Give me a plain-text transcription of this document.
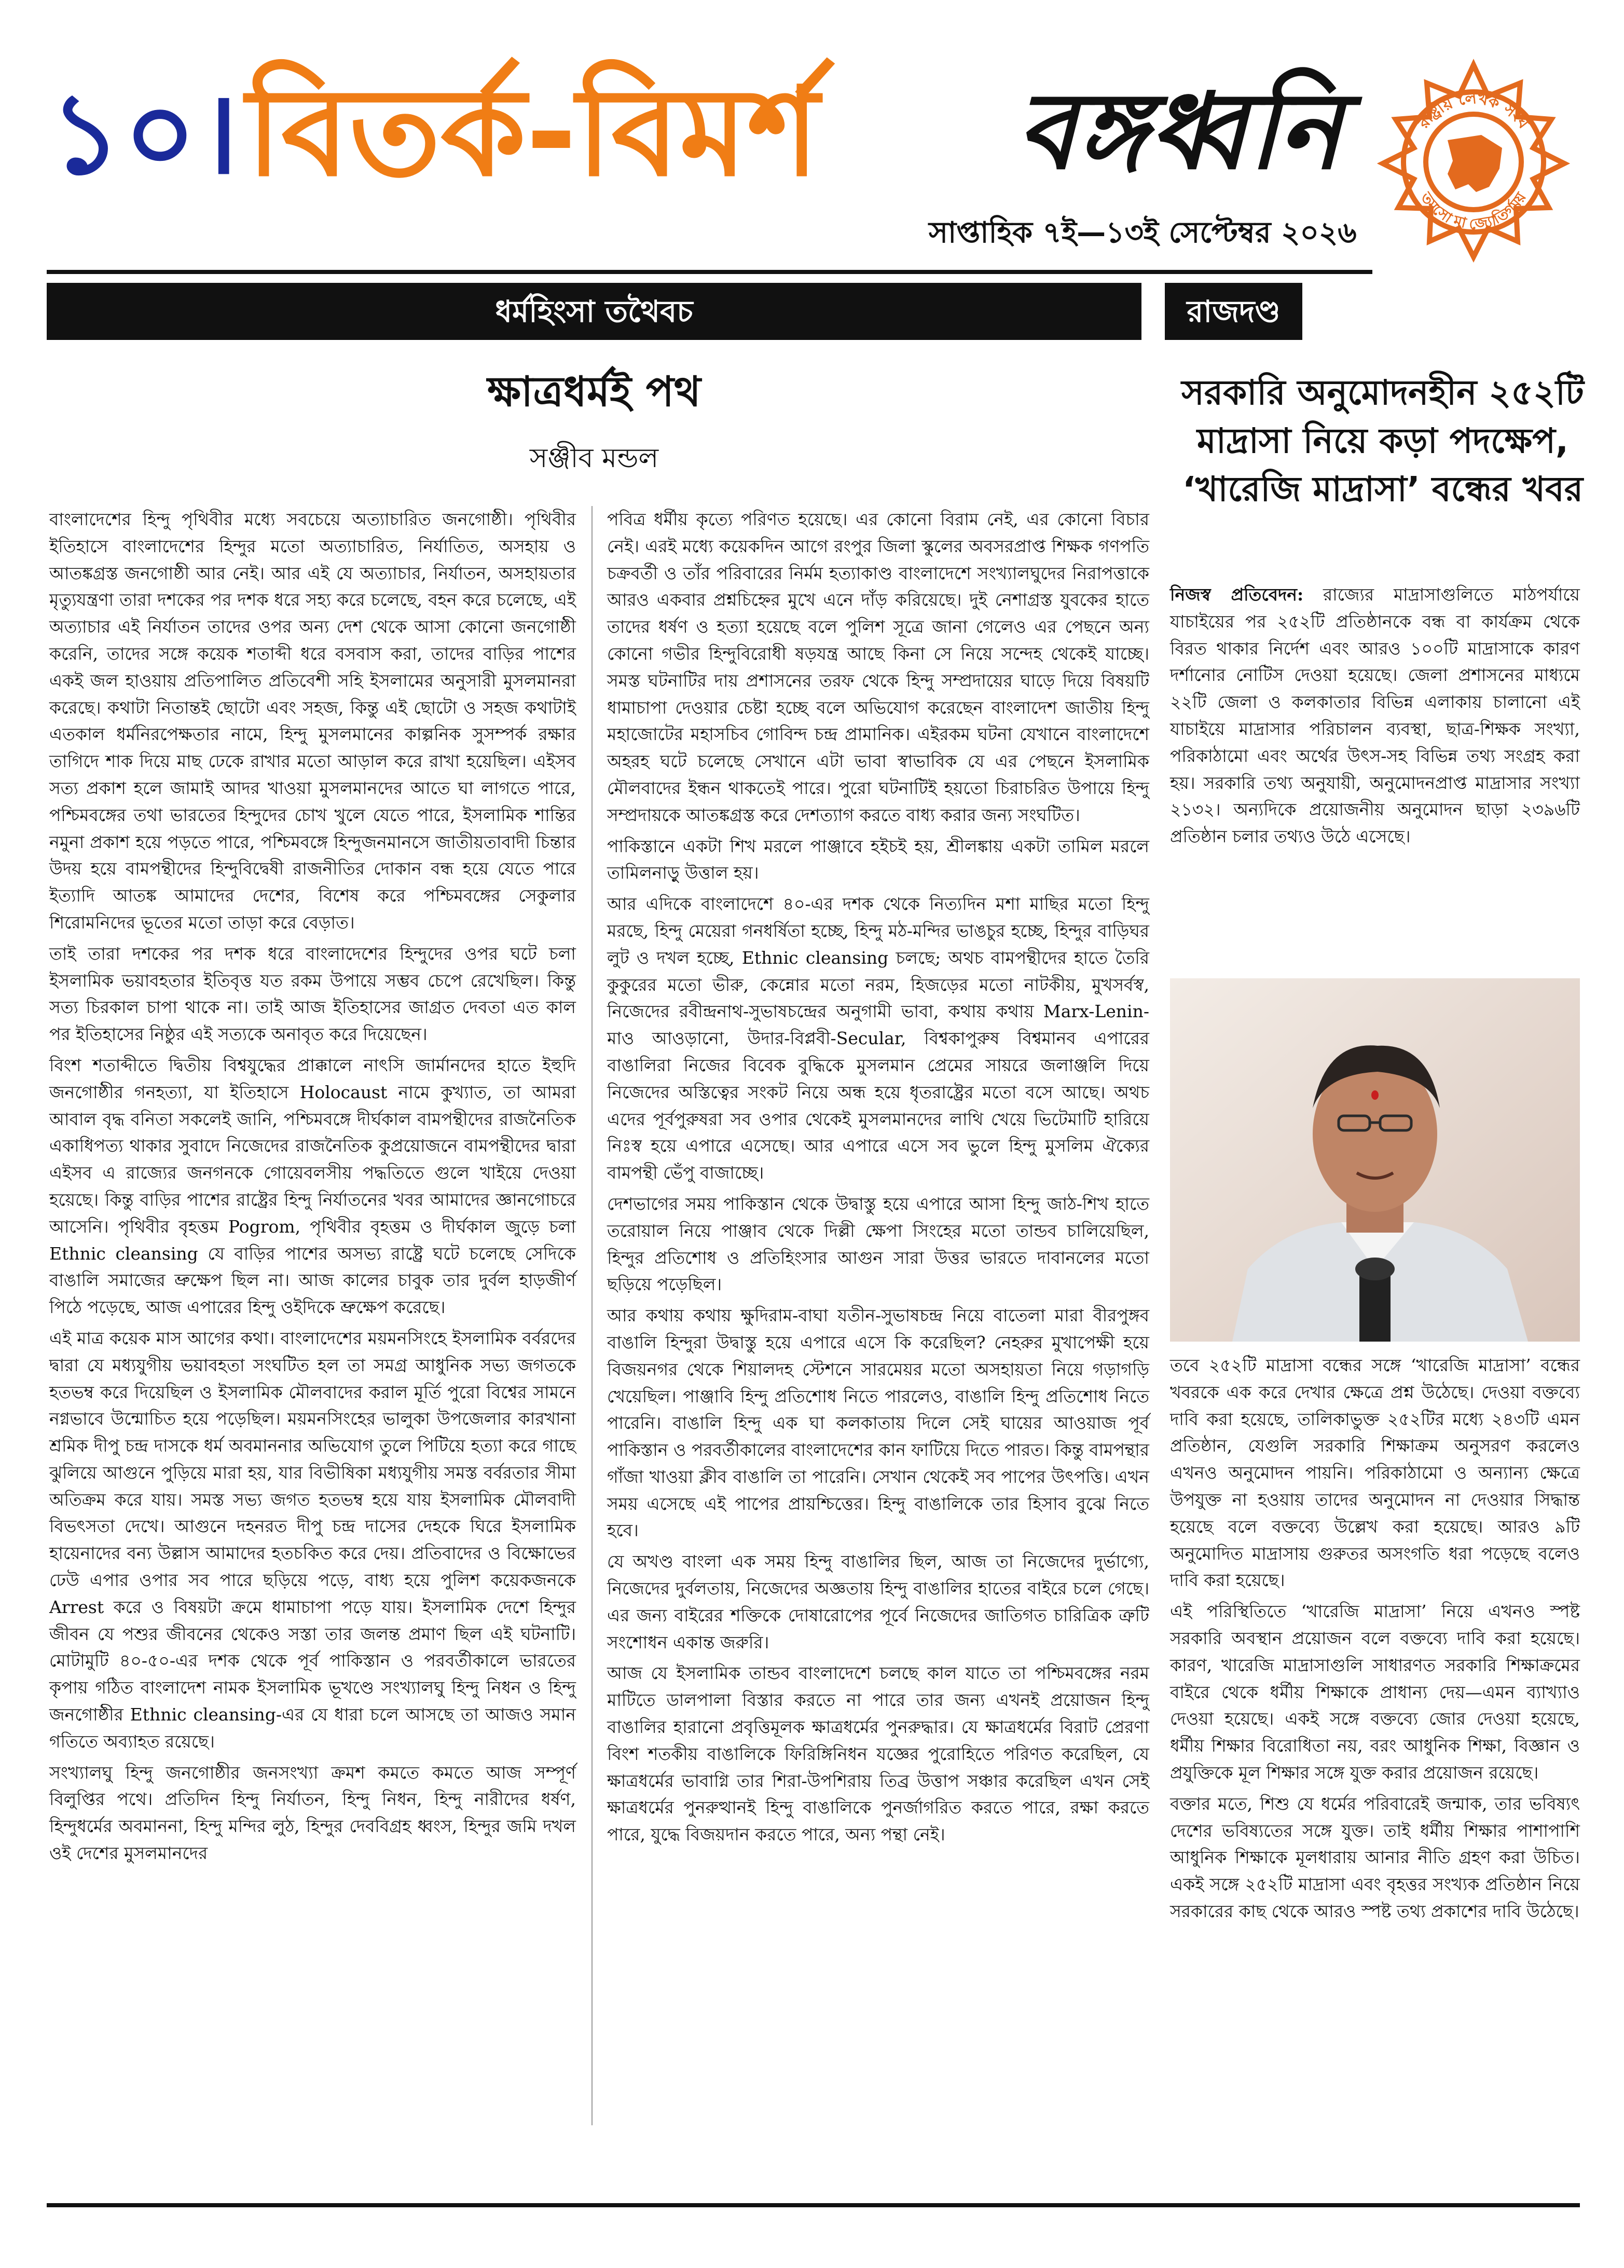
১০। বিতর্ক-বিমর্শ বঙ্গধ্বনি
সাপ্তাহিক ৭ই—১৩ই সেপ্টেম্বর ২০২৬
রাষ্ট্রীয় লেখক সংঘ
তমসো মা জ্যোতির্গময়
ধর্মহিংসা তথৈবচ	রাজদণ্ড
ক্ষাত্রধর্মই পথ
সঞ্জীব মন্ডল

বাংলাদেশের হিন্দু পৃথিবীর মধ্যে সবচেয়ে অত্যাচারিত জনগোষ্ঠী। পৃথিবীর ইতিহাসে বাংলাদেশের হিন্দুর মতো অত্যাচারিত, নির্যাতিত, অসহায় ও আতঙ্কগ্রস্ত জনগোষ্ঠী আর নেই। আর এই যে অত্যাচার, নির্যাতন, অসহায়তার মৃত্যুযন্ত্রণা তারা দশকের পর দশক ধরে সহ্য করে চলেছে, বহন করে চলেছে, এই অত্যাচার এই নির্যাতন তাদের ওপর অন্য দেশ থেকে আসা কোনো জনগোষ্ঠী করেনি, তাদের সঙ্গে কয়েক শতাব্দী ধরে বসবাস করা, তাদের বাড়ির পাশের একই জল হাওয়ায় প্রতিপালিত প্রতিবেশী সহি ইসলামের অনুসারী মুসলমানরা করেছে। কথাটা নিতান্তই ছোটো এবং সহজ, কিন্তু এই ছোটো ও সহজ কথাটাই এতকাল ধর্মনিরপেক্ষতার নামে, হিন্দু মুসলমানের কাল্পনিক সুসম্পর্ক রক্ষার তাগিদে শাক দিয়ে মাছ ঢেকে রাখার মতো আড়াল করে রাখা হয়েছিল। এইসব সত্য প্রকাশ হলে জামাই আদর খাওয়া মুসলমানদের আতে ঘা লাগতে পারে, পশ্চিমবঙ্গের তথা ভারতের হিন্দুদের চোখ খুলে যেতে পারে, ইসলামিক শান্তির নমুনা প্রকাশ হয়ে পড়তে পারে, পশ্চিমবঙ্গে হিন্দুজনমানসে জাতীয়তাবাদী চিন্তার উদয় হয়ে বামপন্থীদের হিন্দুবিদ্বেষী রাজনীতির দোকান বন্ধ হয়ে যেতে পারে ইত্যাদি আতঙ্ক আমাদের দেশের, বিশেষ করে পশ্চিমবঙ্গের সেকুলার শিরোমনিদের ভূতের মতো তাড়া করে বেড়াত।

তাই তারা দশকের পর দশক ধরে বাংলাদেশের হিন্দুদের ওপর ঘটে চলা ইসলামিক ভয়াবহতার ইতিবৃত্ত যত রকম উপায়ে সম্ভব চেপে রেখেছিল। কিন্তু সত্য চিরকাল চাপা থাকে না। তাই আজ ইতিহাসের জাগ্রত দেবতা এত কাল পর ইতিহাসের নিষ্ঠুর এই সত্যকে অনাবৃত করে দিয়েছেন।

বিংশ শতাব্দীতে দ্বিতীয় বিশ্বযুদ্ধের প্রাক্কালে নাৎসি জার্মানদের হাতে ইহুদি জনগোষ্ঠীর গনহত্যা, যা ইতিহাসে Holocaust নামে কুখ্যাত, তা আমরা আবাল বৃদ্ধ বনিতা সকলেই জানি, পশ্চিমবঙ্গে দীর্ঘকাল বামপন্থীদের রাজনৈতিক একাধিপত্য থাকার সুবাদে নিজেদের রাজনৈতিক কুপ্রয়োজনে বামপন্থীদের দ্বারা এইসব এ রাজ্যের জনগনকে গোয়েবলসীয় পদ্ধতিতে গুলে খাইয়ে দেওয়া হয়েছে। কিন্তু বাড়ির পাশের রাষ্ট্রের হিন্দু নির্যাতনের খবর আমাদের জ্ঞানগোচরে আসেনি। পৃথিবীর বৃহত্তম Pogrom, পৃথিবীর বৃহত্তম ও দীর্ঘকাল জুড়ে চলা Ethnic cleansing যে বাড়ির পাশের অসভ্য রাষ্ট্রে ঘটে চলেছে সেদিকে বাঙালি সমাজের ভ্রুক্ষেপ ছিল না। আজ কালের চাবুক তার দুর্বল হাড়জীর্ণ পিঠে পড়েছে, আজ এপারের হিন্দু ওইদিকে ভ্রুক্ষেপ করেছে।

এই মাত্র কয়েক মাস আগের কথা। বাংলাদেশের ময়মনসিংহে ইসলামিক বর্বরদের দ্বারা যে মধ্যযুগীয় ভয়াবহতা সংঘটিত হল তা সমগ্র আধুনিক সভ্য জগতকে হতভম্ব করে দিয়েছিল ও ইসলামিক মৌলবাদের করাল মূর্তি পুরো বিশ্বের সামনে নগ্নভাবে উন্মোচিত হয়ে পড়েছিল। ময়মনসিংহের ভালুকা উপজেলার কারখানা শ্রমিক দীপু চন্দ্র দাসকে ধর্ম অবমাননার অভিযোগ তুলে পিটিয়ে হত্যা করে গাছে ঝুলিয়ে আগুনে পুড়িয়ে মারা হয়, যার বিভীষিকা মধ্যযুগীয় সমস্ত বর্বরতার সীমা অতিক্রম করে যায়। সমস্ত সভ্য জগত হতভম্ব হয়ে যায় ইসলামিক মৌলবাদী বিভৎসতা দেখে। আগুনে দহনরত দীপু চন্দ্র দাসের দেহকে ঘিরে ইসলামিক হায়েনাদের বন্য উল্লাস আমাদের হতচকিত করে দেয়। প্রতিবাদের ও বিক্ষোভের ঢেউ এপার ওপার সব পারে ছড়িয়ে পড়ে, বাধ্য হয়ে পুলিশ কয়েকজনকে Arrest করে ও বিষয়টা ক্রমে ধামাচাপা পড়ে যায়। ইসলামিক দেশে হিন্দুর জীবন যে পশুর জীবনের থেকেও সস্তা তার জলন্ত প্রমাণ ছিল এই ঘটনাটি। মোটামুটি ৪০-৫০-এর দশক থেকে পূর্ব পাকিস্তান ও পরবর্তীকালে ভারতের কৃপায় গঠিত বাংলাদেশ নামক ইসলামিক ভূখণ্ডে সংখ্যালঘু হিন্দু নিধন ও হিন্দু জনগোষ্ঠীর Ethnic cleansing-এর যে ধারা চলে আসছে তা আজও সমান গতিতে অব্যাহত রয়েছে।

সংখ্যালঘু হিন্দু জনগোষ্ঠীর জনসংখ্যা ক্রমশ কমতে কমতে আজ সম্পূর্ণ বিলুপ্তির পথে। প্রতিদিন হিন্দু নির্যাতন, হিন্দু নিধন, হিন্দু নারীদের ধর্ষণ, হিন্দুধর্মের অবমাননা, হিন্দু মন্দির লুঠ, হিন্দুর দেববিগ্রহ ধ্বংস, হিন্দুর জমি দখল ওই দেশের মুসলমানদের

পবিত্র ধর্মীয় কৃত্যে পরিণত হয়েছে। এর কোনো বিরাম নেই, এর কোনো বিচার নেই। এরই মধ্যে কয়েকদিন আগে রংপুর জিলা স্কুলের অবসরপ্রাপ্ত শিক্ষক গণপতি চক্রবর্তী ও তাঁর পরিবারের নির্মম হত্যাকাণ্ড বাংলাদেশে সংখ্যালঘুদের নিরাপত্তাকে আরও একবার প্রশ্নচিহ্নের মুখে এনে দাঁড় করিয়েছে। দুই নেশাগ্রস্ত যুবকের হাতে তাদের ধর্ষণ ও হত্যা হয়েছে বলে পুলিশ সূত্রে জানা গেলেও এর পেছনে অন্য কোনো গভীর হিন্দুবিরোধী ষড়যন্ত্র আছে কিনা সে নিয়ে সন্দেহ থেকেই যাচ্ছে। সমস্ত ঘটনাটির দায় প্রশাসনের তরফ থেকে হিন্দু সম্প্রদায়ের ঘাড়ে দিয়ে বিষয়টি ধামাচাপা দেওয়ার চেষ্টা হচ্ছে বলে অভিযোগ করেছেন বাংলাদেশ জাতীয় হিন্দু মহাজোটের মহাসচিব গোবিন্দ চন্দ্র প্রামানিক। এইরকম ঘটনা যেখানে বাংলাদেশে অহরহ ঘটে চলেছে সেখানে এটা ভাবা স্বাভাবিক যে এর পেছনে ইসলামিক মৌলবাদের ইন্ধন থাকতেই পারে। পুরো ঘটনাটিই হয়তো চিরাচরিত উপায়ে হিন্দু সম্প্রদায়কে আতঙ্কগ্রস্ত করে দেশত্যাগ করতে বাধ্য করার জন্য সংঘটিত।

পাকিস্তানে একটা শিখ মরলে পাঞ্জাবে হইচই হয়, শ্রীলঙ্কায় একটা তামিল মরলে তামিলনাড়ু উত্তাল হয়।

আর এদিকে বাংলাদেশে ৪০-এর দশক থেকে নিত্যদিন মশা মাছির মতো হিন্দু মরছে, হিন্দু মেয়েরা গনধর্ষিতা হচ্ছে, হিন্দু মঠ-মন্দির ভাঙচুর হচ্ছে, হিন্দুর বাড়িঘর লুট ও দখল হচ্ছে, Ethnic cleansing চলছে; অথচ বামপন্থীদের হাতে তৈরি কুকুরের মতো ভীরু, কেন্নোর মতো নরম, হিজড়ের মতো নাটকীয়, মুখসর্বস্ব, নিজেদের রবীন্দ্রনাথ-সুভাষচন্দ্রের অনুগামী ভাবা, কথায় কথায় Marx-Lenin-মাও আওড়ানো, উদার-বিপ্লবী-Secular, বিশ্বকাপুরুষ বিশ্বমানব এপারের বাঙালিরা নিজের বিবেক বুদ্ধিকে মুসলমান প্রেমের সায়রে জলাঞ্জলি দিয়ে নিজেদের অস্তিত্বের সংকট নিয়ে অন্ধ হয়ে ধৃতরাষ্ট্রের মতো বসে আছে। অথচ এদের পূর্বপুরুষরা সব ওপার থেকেই মুসলমানদের লাথি খেয়ে ভিটেমাটি হারিয়ে নিঃস্ব হয়ে এপারে এসেছে। আর এপারে এসে সব ভুলে হিন্দু মুসলিম ঐক্যের বামপন্থী ভেঁপু বাজাচ্ছে।

দেশভাগের সময় পাকিস্তান থেকে উদ্বাস্তু হয়ে এপারে আসা হিন্দু জাঠ-শিখ হাতে তরোয়াল নিয়ে পাঞ্জাব থেকে দিল্লী ক্ষেপা সিংহের মতো তান্ডব চালিয়েছিল, হিন্দুর প্রতিশোধ ও প্রতিহিংসার আগুন সারা উত্তর ভারতে দাবানলের মতো ছড়িয়ে পড়েছিল।

আর কথায় কথায় ক্ষুদিরাম-বাঘা যতীন-সুভাষচন্দ্র নিয়ে বাতেলা মারা বীরপুঙ্গব বাঙালি হিন্দুরা উদ্বাস্তু হয়ে এপারে এসে কি করেছিল? নেহরুর মুখাপেক্ষী হয়ে বিজয়নগর থেকে শিয়ালদহ স্টেশনে সারমেয়র মতো অসহায়তা নিয়ে গড়াগড়ি খেয়েছিল। পাঞ্জাবি হিন্দু প্রতিশোধ নিতে পারলেও, বাঙালি হিন্দু প্রতিশোধ নিতে পারেনি। বাঙালি হিন্দু এক ঘা কলকাতায় দিলে সেই ঘায়ের আওয়াজ পূর্ব পাকিস্তান ও পরবর্তীকালের বাংলাদেশের কান ফাটিয়ে দিতে পারত। কিন্তু বামপন্থার গাঁজা খাওয়া ক্লীব বাঙালি তা পারেনি। সেখান থেকেই সব পাপের উৎপত্তি। এখন সময় এসেছে এই পাপের প্রায়শ্চিত্তের। হিন্দু বাঙালিকে তার হিসাব বুঝে নিতে হবে।

যে অখণ্ড বাংলা এক সময় হিন্দু বাঙালির ছিল, আজ তা নিজেদের দুর্ভাগ্যে, নিজেদের দুর্বলতায়, নিজেদের অজ্ঞতায় হিন্দু বাঙালির হাতের বাইরে চলে গেছে। এর জন্য বাইরের শক্তিকে দোষারোপের পূর্বে নিজেদের জাতিগত চারিত্রিক ত্রুটি সংশোধন একান্ত জরুরি।

আজ যে ইসলামিক তান্ডব বাংলাদেশে চলছে কাল যাতে তা পশ্চিমবঙ্গের নরম মাটিতে ডালপালা বিস্তার করতে না পারে তার জন্য এখনই প্রয়োজন হিন্দু বাঙালির হারানো প্রবৃত্তিমূলক ক্ষাত্রধর্মের পুনরুদ্ধার। যে ক্ষাত্রধর্মের বিরাট প্রেরণা বিংশ শতকীয় বাঙালিকে ফিরিঙ্গিনিধন যজ্ঞের পুরোহিতে পরিণত করেছিল, যে ক্ষাত্রধর্মের ভাবাগ্নি তার শিরা-উপশিরায় তিব্র উত্তাপ সঞ্চার করেছিল এখন সেই ক্ষাত্রধর্মের পুনরুত্থানই হিন্দু বাঙালিকে পুনর্জাগরিত করতে পারে, রক্ষা করতে পারে, যুদ্ধে বিজয়দান করতে পারে, অন্য পন্থা নেই।

সরকারি অনুমোদনহীন ২৫২টি মাদ্রাসা নিয়ে কড়া পদক্ষেপ, ‘খারেজি মাদ্রাসা’ বন্ধের খবর

নিজস্ব প্রতিবেদন: রাজ্যের মাদ্রাসাগুলিতে মাঠপর্যায়ে যাচাইয়ের পর ২৫২টি প্রতিষ্ঠানকে বন্ধ বা কার্যক্রম থেকে বিরত থাকার নির্দেশ এবং আরও ১০০টি মাদ্রাসাকে কারণ দর্শানোর নোটিস দেওয়া হয়েছে। জেলা প্রশাসনের মাধ্যমে ২২টি জেলা ও কলকাতার বিভিন্ন এলাকায় চালানো এই যাচাইয়ে মাদ্রাসার পরিচালন ব্যবস্থা, ছাত্র-শিক্ষক সংখ্যা, পরিকাঠামো এবং অর্থের উৎস-সহ বিভিন্ন তথ্য সংগ্রহ করা হয়। সরকারি তথ্য অনুযায়ী, অনুমোদনপ্রাপ্ত মাদ্রাসার সংখ্যা ২১৩২। অন্যদিকে প্রয়োজনীয় অনুমোদন ছাড়া ২৩৯৬টি প্রতিষ্ঠান চলার তথ্যও উঠে এসেছে।

তবে ২৫২টি মাদ্রাসা বন্ধের সঙ্গে ‘খারেজি মাদ্রাসা’ বন্ধের খবরকে এক করে দেখার ক্ষেত্রে প্রশ্ন উঠেছে। দেওয়া বক্তব্যে দাবি করা হয়েছে, তালিকাভুক্ত ২৫২টির মধ্যে ২৪৩টি এমন প্রতিষ্ঠান, যেগুলি সরকারি শিক্ষাক্রম অনুসরণ করলেও এখনও অনুমোদন পায়নি। পরিকাঠামো ও অন্যান্য ক্ষেত্রে উপযুক্ত না হওয়ায় তাদের অনুমোদন না দেওয়ার সিদ্ধান্ত হয়েছে বলে বক্তব্যে উল্লেখ করা হয়েছে। আরও ৯টি অনুমোদিত মাদ্রাসায় গুরুতর অসংগতি ধরা পড়েছে বলেও দাবি করা হয়েছে।

এই পরিস্থিতিতে ‘খারেজি মাদ্রাসা’ নিয়ে এখনও স্পষ্ট সরকারি অবস্থান প্রয়োজন বলে বক্তব্যে দাবি করা হয়েছে। কারণ, খারেজি মাদ্রাসাগুলি সাধারণত সরকারি শিক্ষাক্রমের বাইরে থেকে ধর্মীয় শিক্ষাকে প্রাধান্য দেয়—এমন ব্যাখ্যাও দেওয়া হয়েছে। একই সঙ্গে বক্তব্যে জোর দেওয়া হয়েছে, ধর্মীয় শিক্ষার বিরোধিতা নয়, বরং আধুনিক শিক্ষা, বিজ্ঞান ও প্রযুক্তিকে মূল শিক্ষার সঙ্গে যুক্ত করার প্রয়োজন রয়েছে।

বক্তার মতে, শিশু যে ধর্মের পরিবারেই জন্মাক, তার ভবিষ্যৎ দেশের ভবিষ্যতের সঙ্গে যুক্ত। তাই ধর্মীয় শিক্ষার পাশাপাশি আধুনিক শিক্ষাকে মূলধারায় আনার নীতি গ্রহণ করা উচিত। একই সঙ্গে ২৫২টি মাদ্রাসা এবং বৃহত্তর সংখ্যক প্রতিষ্ঠান নিয়ে সরকারের কাছ থেকে আরও স্পষ্ট তথ্য প্রকাশের দাবি উঠেছে।
